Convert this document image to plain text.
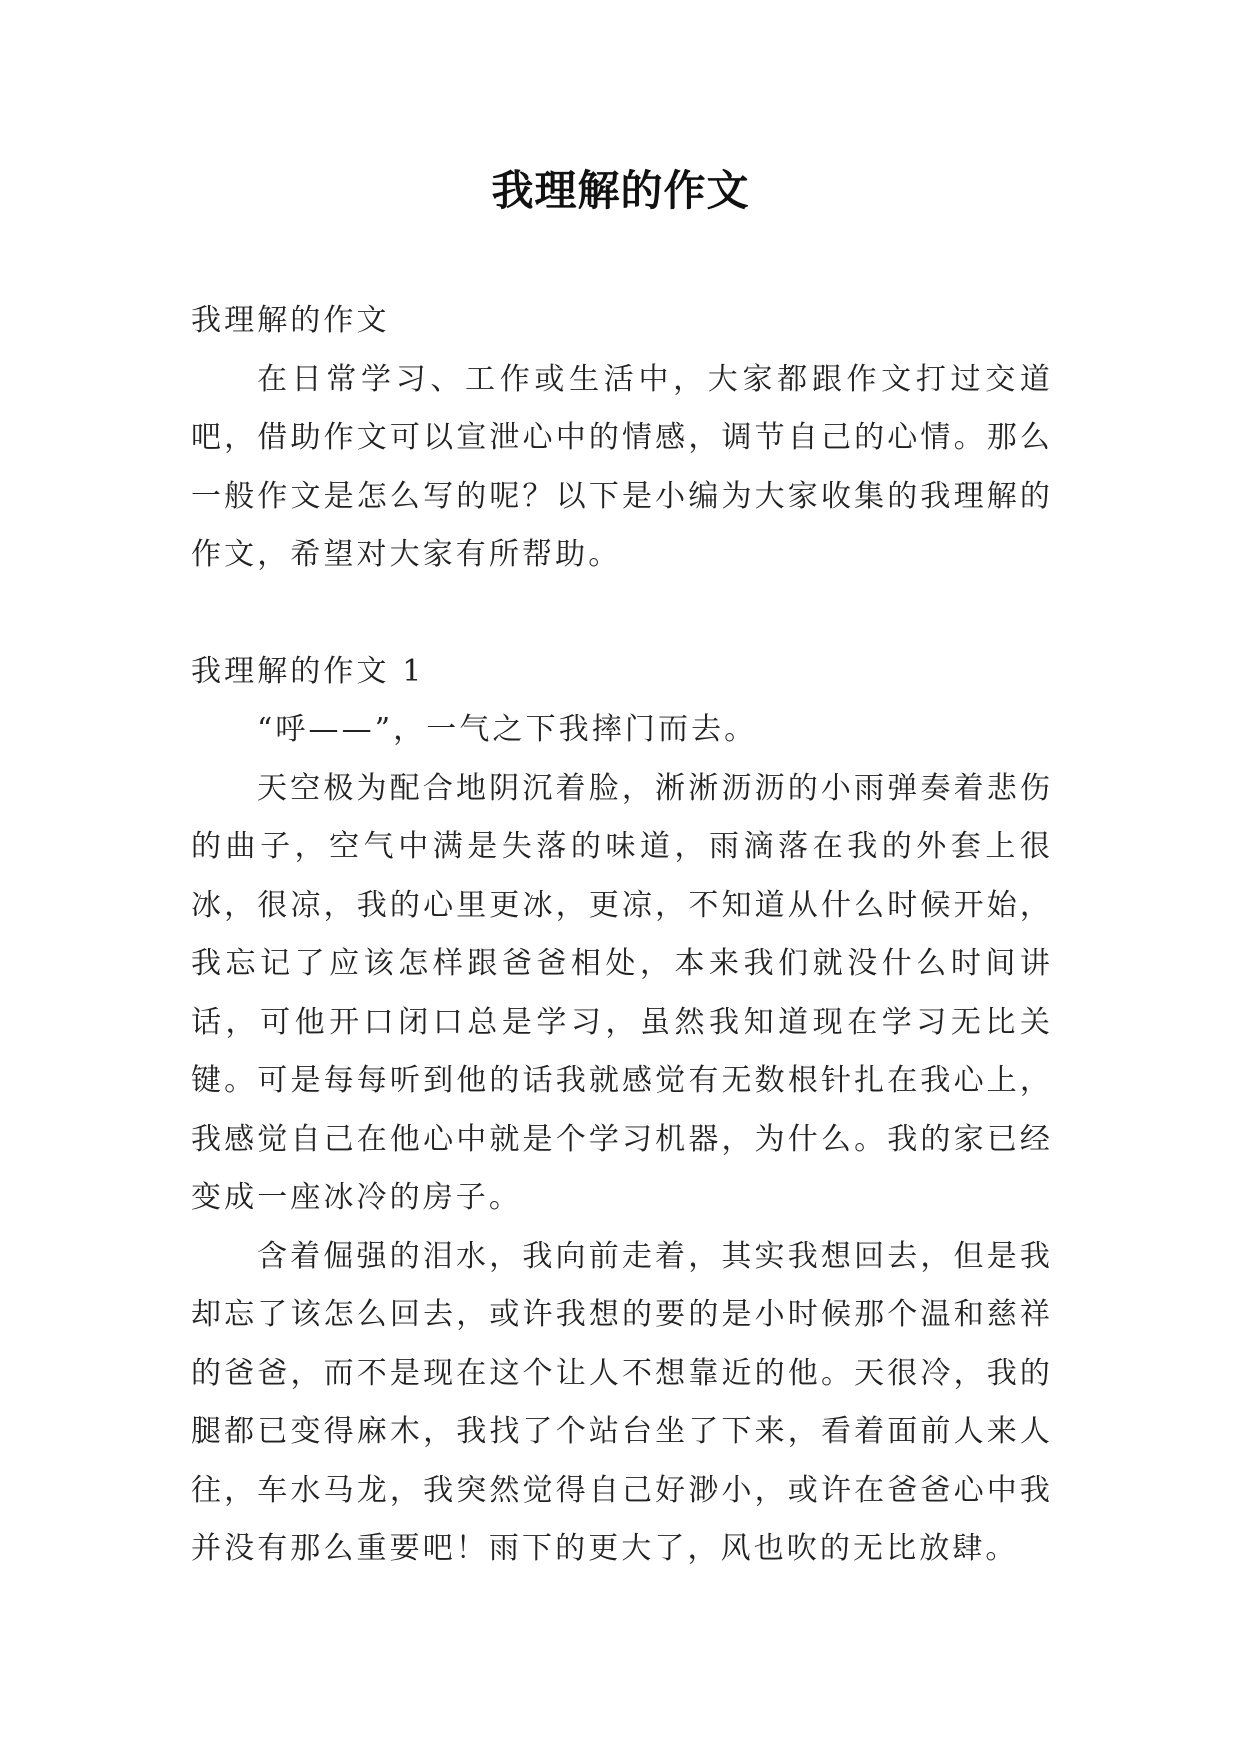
我理解的作文

我理解的作文

在日常学习、工作或生活中，大家都跟作文打过交道吧，借助作文可以宣泄心中的情感，调节自己的心情。那么一般作文是怎么写的呢？以下是小编为大家收集的我理解的作文，希望对大家有所帮助。

我理解的作文 1

“呼——”，一气之下我摔门而去。

天空极为配合地阴沉着脸，淅淅沥沥的小雨弹奏着悲伤的曲子，空气中满是失落的味道，雨滴落在我的外套上很冰，很凉，我的心里更冰，更凉，不知道从什么时候开始，我忘记了应该怎样跟爸爸相处，本来我们就没什么时间讲话，可他开口闭口总是学习，虽然我知道现在学习无比关键。可是每每听到他的话我就感觉有无数根针扎在我心上，我感觉自己在他心中就是个学习机器，为什么。我的家已经变成一座冰冷的房子。

含着倔强的泪水，我向前走着，其实我想回去，但是我却忘了该怎么回去，或许我想的要的是小时候那个温和慈祥的爸爸，而不是现在这个让人不想靠近的他。天很冷，我的腿都已变得麻木，我找了个站台坐了下来，看着面前人来人往，车水马龙，我突然觉得自己好渺小，或许在爸爸心中我并没有那么重要吧！雨下的更大了，风也吹的无比放肆。
